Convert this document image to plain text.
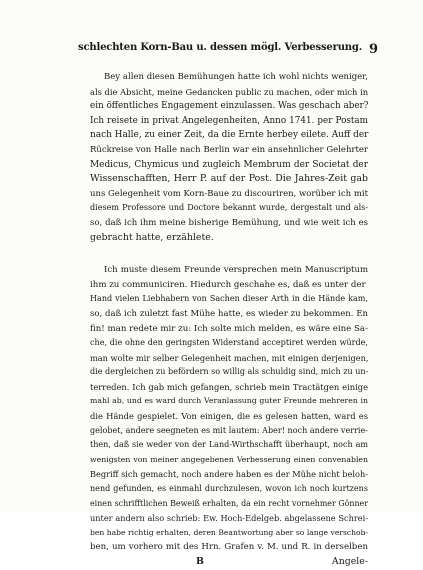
schlechten Korn-Bau u. dessen mögl. Verbesserung. 9
Bey allen diesen Bemühungen hatte ich wohl nichts weniger,
als die Absicht, meine Gedancken public zu machen, oder mich in
ein öffentliches Engagement einzulassen. Was geschach aber?
Ich reisete in privat Angelegenheiten, Anno 1741. per Postam
nach Halle, zu einer Zeit, da die Ernte herbey eilete. Auff der
Rückreise von Halle nach Berlin war ein ansehnlicher Gelehrter
Medicus, Chymicus und zugleich Membrum der Societat der
Wissenschafften, Herr P. auf der Post. Die Jahres-Zeit gab
uns Gelegenheit vom Korn-Baue zu discouriren, worüber ich mit
diesem Professore und Doctore bekannt wurde, dergestalt und als-
so, daß ich ihm meine bisherige Bemühung, und wie weit ich es
gebracht hatte, erzählete.
Ich muste diesem Freunde versprechen mein Manuscriptum
ihm zu communiciren. Hiedurch geschahe es, daß es unter der
Hand vielen Liebhabern von Sachen dieser Arth in die Hände kam,
so, daß ich zuletzt fast Mühe hatte, es wieder zu bekommen. En
fin! man redete mir zu: Ich solte mich melden, es wäre eine Sa-
che, die ohne den geringsten Widerstand acceptiret werden würde,
man wolte mir selber Gelegenheit machen, mit einigen derjenigen,
die dergleichen zu befördern so willig als schuldig sind, mich zu un-
terreden. Ich gab mich gefangen, schrieb mein Tractätgen einige
mahl ab, und es ward durch Veranlassung guter Freunde mehreren in
die Hände gespielet. Von einigen, die es gelesen hatten, ward es
gelobet, andere seegneten es mit lautem: Aber! noch andere verrie-
then, daß sie weder von der Land-Wirthschafft überhaupt, noch am
wenigsten von meiner angegebenen Verbesserung einen convenablen
Begriff sich gemacht, noch andere haben es der Mühe nicht beloh-
nend gefunden, es einmahl durchzulesen, wovon ich noch kurtzens
einen schrifftlichen Beweiß erhalten, da ein recht vornehmer Gönner
unter andern also schrieb: Ew. Hoch-Edelgeb. abgelassene Schrei-
ben habe richtig erhalten, deren Beantwortung aber so lange verschob-
ben, um vorhero mit des Hrn. Grafen v. M. und R. in derselben
B	Angele-
